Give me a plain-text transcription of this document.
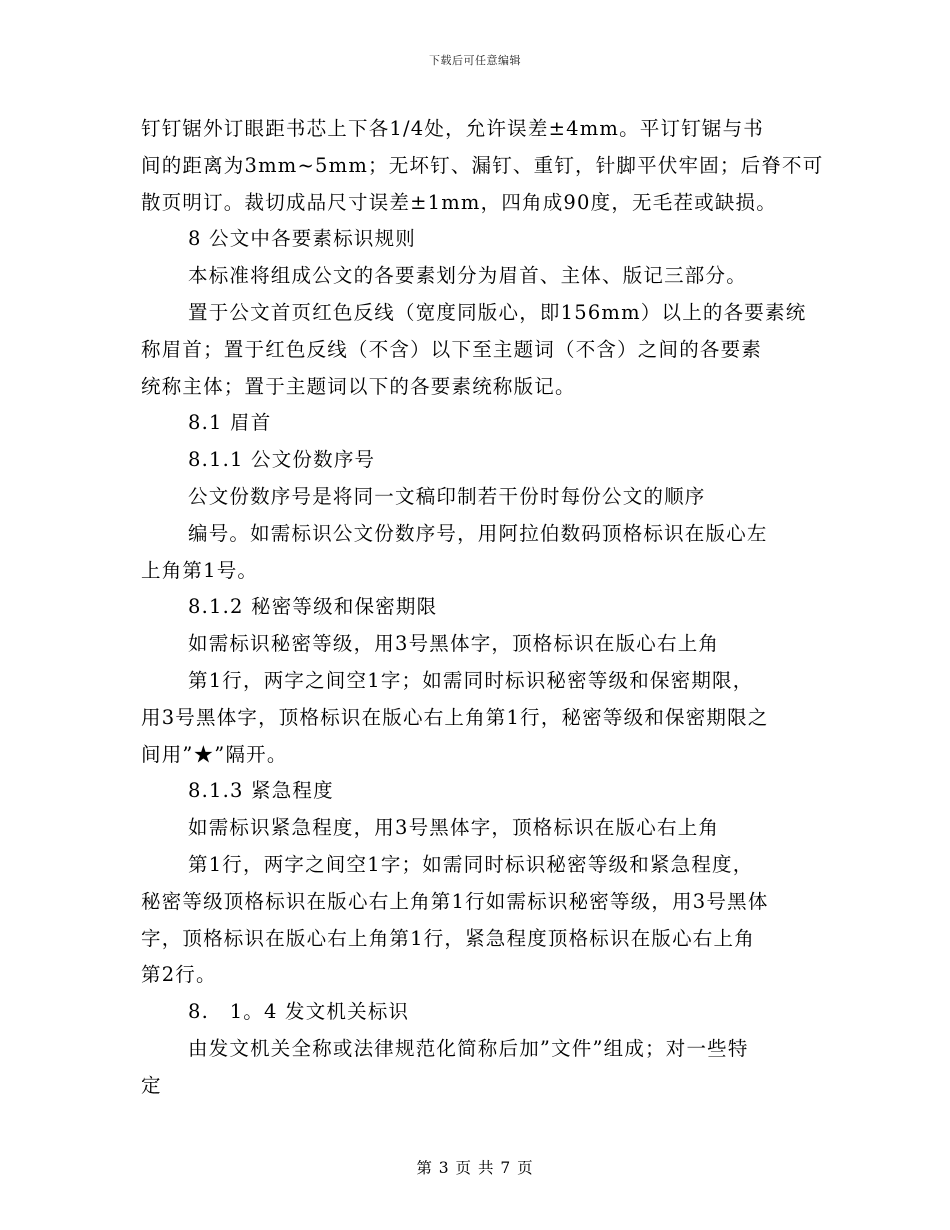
下载后可任意编辑
钉钉锯外订眼距书芯上下各1/4处，允许误差±4mm。平订钉锯与书
间的距离为3mm~5mm；无坏钉、漏钉、重钉，针脚平伏牢固；后脊不可
散页明订。裁切成品尺寸误差±1mm，四角成90度，无毛茬或缺损。
8 公文中各要素标识规则
本标准将组成公文的各要素划分为眉首、主体、版记三部分。
置于公文首页红色反线（宽度同版心，即156mm）以上的各要素统
称眉首；置于红色反线（不含）以下至主题词（不含）之间的各要素
统称主体；置于主题词以下的各要素统称版记。
8.1 眉首
8.1.1 公文份数序号
公文份数序号是将同一文稿印制若干份时每份公文的顺序
编号。如需标识公文份数序号，用阿拉伯数码顶格标识在版心左
上角第1号。
8.1.2 秘密等级和保密期限
如需标识秘密等级，用3号黑体字，顶格标识在版心右上角
第1行，两字之间空1字；如需同时标识秘密等级和保密期限，
用3号黑体字，顶格标识在版心右上角第1行，秘密等级和保密期限之
间用”★”隔开。
8.1.3 紧急程度
如需标识紧急程度，用3号黑体字，顶格标识在版心右上角
第1行，两字之间空1字；如需同时标识秘密等级和紧急程度，
秘密等级顶格标识在版心右上角第1行如需标识秘密等级，用3号黑体
字，顶格标识在版心右上角第1行，紧急程度顶格标识在版心右上角
第2行。
8.　1。4 发文机关标识
由发文机关全称或法律规范化简称后加”文件”组成；对一些特
定
第 3 页 共 7 页
